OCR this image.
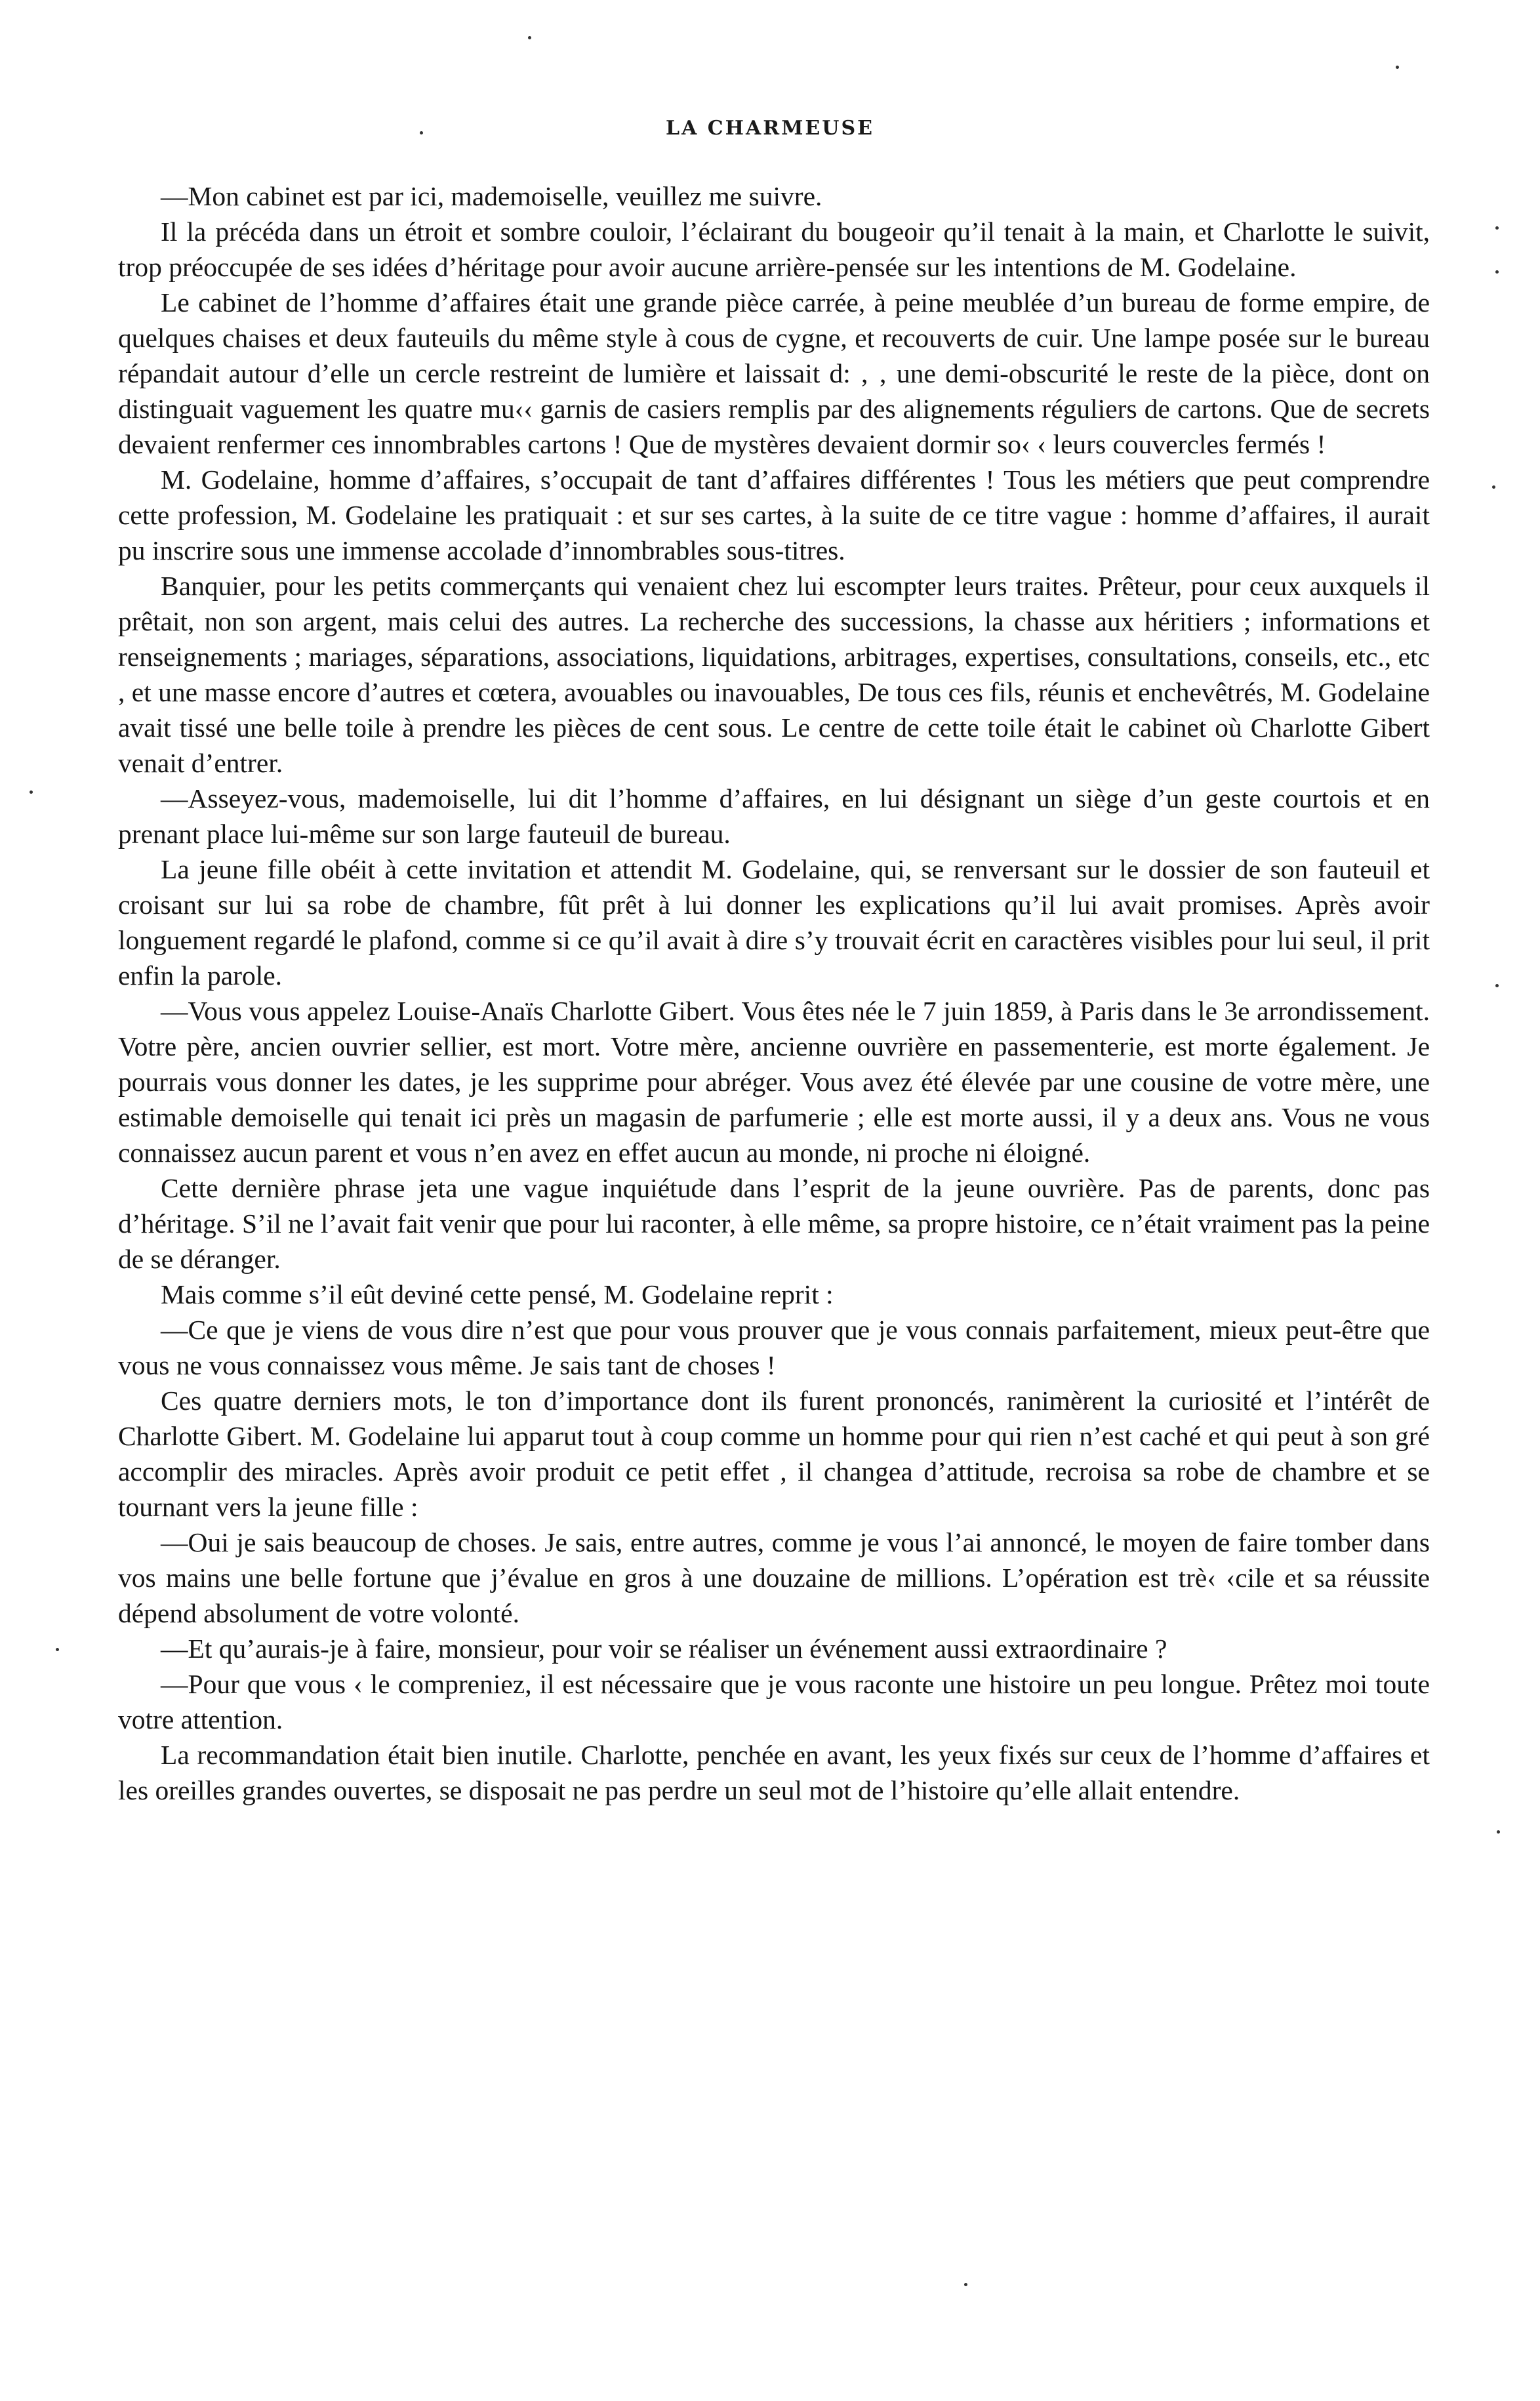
LA CHARMEUSE

—Mon cabinet est par ici, mademoiselle, veuillez me suivre.

Il la précéda dans un étroit et sombre couloir, l’éclairant du bougeoir qu’il tenait à la main, et Charlotte le suivit, trop préoccupée de ses idées d’héritage pour avoir aucune arrière-pensée sur les intentions de M. Godelaine.

Le cabinet de l’homme d’affaires était une grande pièce carrée, à peine meublée d’un bureau de forme empire, de quelques chaises et deux fauteuils du même style à cous de cygne, et recouverts de cuir. Une lampe posée sur le bureau répandait autour d’elle un cercle restreint de lumière et laissait d: ‚ ‚ une demi-obscurité le reste de la pièce, dont on distinguait vaguement les quatre mu‹‹ garnis de casiers remplis par des alignements réguliers de cartons. Que de secrets devaient renfermer ces innombrables cartons ! Que de mystères devaient dormir so‹ ‹ leurs couvercles fermés !

M. Godelaine, homme d’affaires, s’occupait de tant d’affaires différentes ! Tous les métiers que peut comprendre cette profession, M. Godelaine les pratiquait : et sur ses cartes, à la suite de ce titre vague : homme d’affaires, il aurait pu inscrire sous une immense accolade d’innombrables sous-titres.

Banquier, pour les petits commerçants qui venaient chez lui escompter leurs traites. Prêteur, pour ceux auxquels il prêtait, non son argent, mais celui des autres. La recherche des successions, la chasse aux héritiers ; informations et renseignements ; mariages, séparations, associations, liquidations, arbitrages, expertises, consultations, conseils, etc., etc , et une masse encore d’autres et cœtera, avouables ou inavouables, De tous ces fils, réunis et enchevêtrés, M. Godelaine avait tissé une belle toile à prendre les pièces de cent sous. Le centre de cette toile était le cabinet où Charlotte Gibert venait d’entrer.

—Asseyez-vous, mademoiselle, lui dit l’homme d’affaires, en lui désignant un siège d’un geste courtois et en prenant place lui-même sur son large fauteuil de bureau.

La jeune fille obéit à cette invitation et attendit M. Godelaine, qui, se renversant sur le dossier de son fauteuil et croisant sur lui sa robe de chambre, fût prêt à lui donner les explications qu’il lui avait promises. Après avoir longuement regardé le plafond, comme si ce qu’il avait à dire s’y trouvait écrit en caractères visibles pour lui seul, il prit enfin la parole.

—Vous vous appelez Louise-Anaïs Charlotte Gibert. Vous êtes née le 7 juin 1859, à Paris dans le 3e arrondissement. Votre père, ancien ouvrier sellier, est mort. Votre mère, ancienne ouvrière en passementerie, est morte également. Je pourrais vous donner les dates, je les supprime pour abréger. Vous avez été élevée par une cousine de votre mère, une estimable demoiselle qui tenait ici près un magasin de parfumerie ; elle est morte aussi, il y a deux ans. Vous ne vous connaissez aucun parent et vous n’en avez en effet aucun au monde, ni proche ni éloigné.

Cette dernière phrase jeta une vague inquiétude dans l’esprit de la jeune ouvrière. Pas de parents, donc pas d’héritage. S’il ne l’avait fait venir que pour lui raconter, à elle même, sa propre histoire, ce n’était vraiment pas la peine de se déranger.

Mais comme s’il eût deviné cette pensé, M. Godelaine reprit :

—Ce que je viens de vous dire n’est que pour vous prouver que je vous connais parfaitement, mieux peut-être que vous ne vous connaissez vous même. Je sais tant de choses !

Ces quatre derniers mots, le ton d’importance dont ils furent prononcés, ranimèrent la curiosité et l’intérêt de Charlotte Gibert. M. Godelaine lui apparut tout à coup comme un homme pour qui rien n’est caché et qui peut à son gré accomplir des miracles. Après avoir produit ce petit effet , il changea d’attitude, recroisa sa robe de chambre et se tournant vers la jeune fille :

—Oui je sais beaucoup de choses. Je sais, entre autres, comme je vous l’ai annoncé, le moyen de faire tomber dans vos mains une belle fortune que j’évalue en gros à une douzaine de millions. L’opération est trè‹ ‹cile et sa réussite dépend absolument de votre volonté.

—Et qu’aurais-je à faire, monsieur, pour voir se réaliser un événement aussi extraordinaire ?

—Pour que vous ‹ le compreniez, il est nécessaire que je vous raconte une histoire un peu longue. Prêtez moi toute votre attention.

La recommandation était bien inutile. Charlotte, penchée en avant, les yeux fixés sur ceux de l’homme d’affaires et les oreilles grandes ouvertes, se disposait ne pas perdre un seul mot de l’histoire qu’elle allait entendre.
